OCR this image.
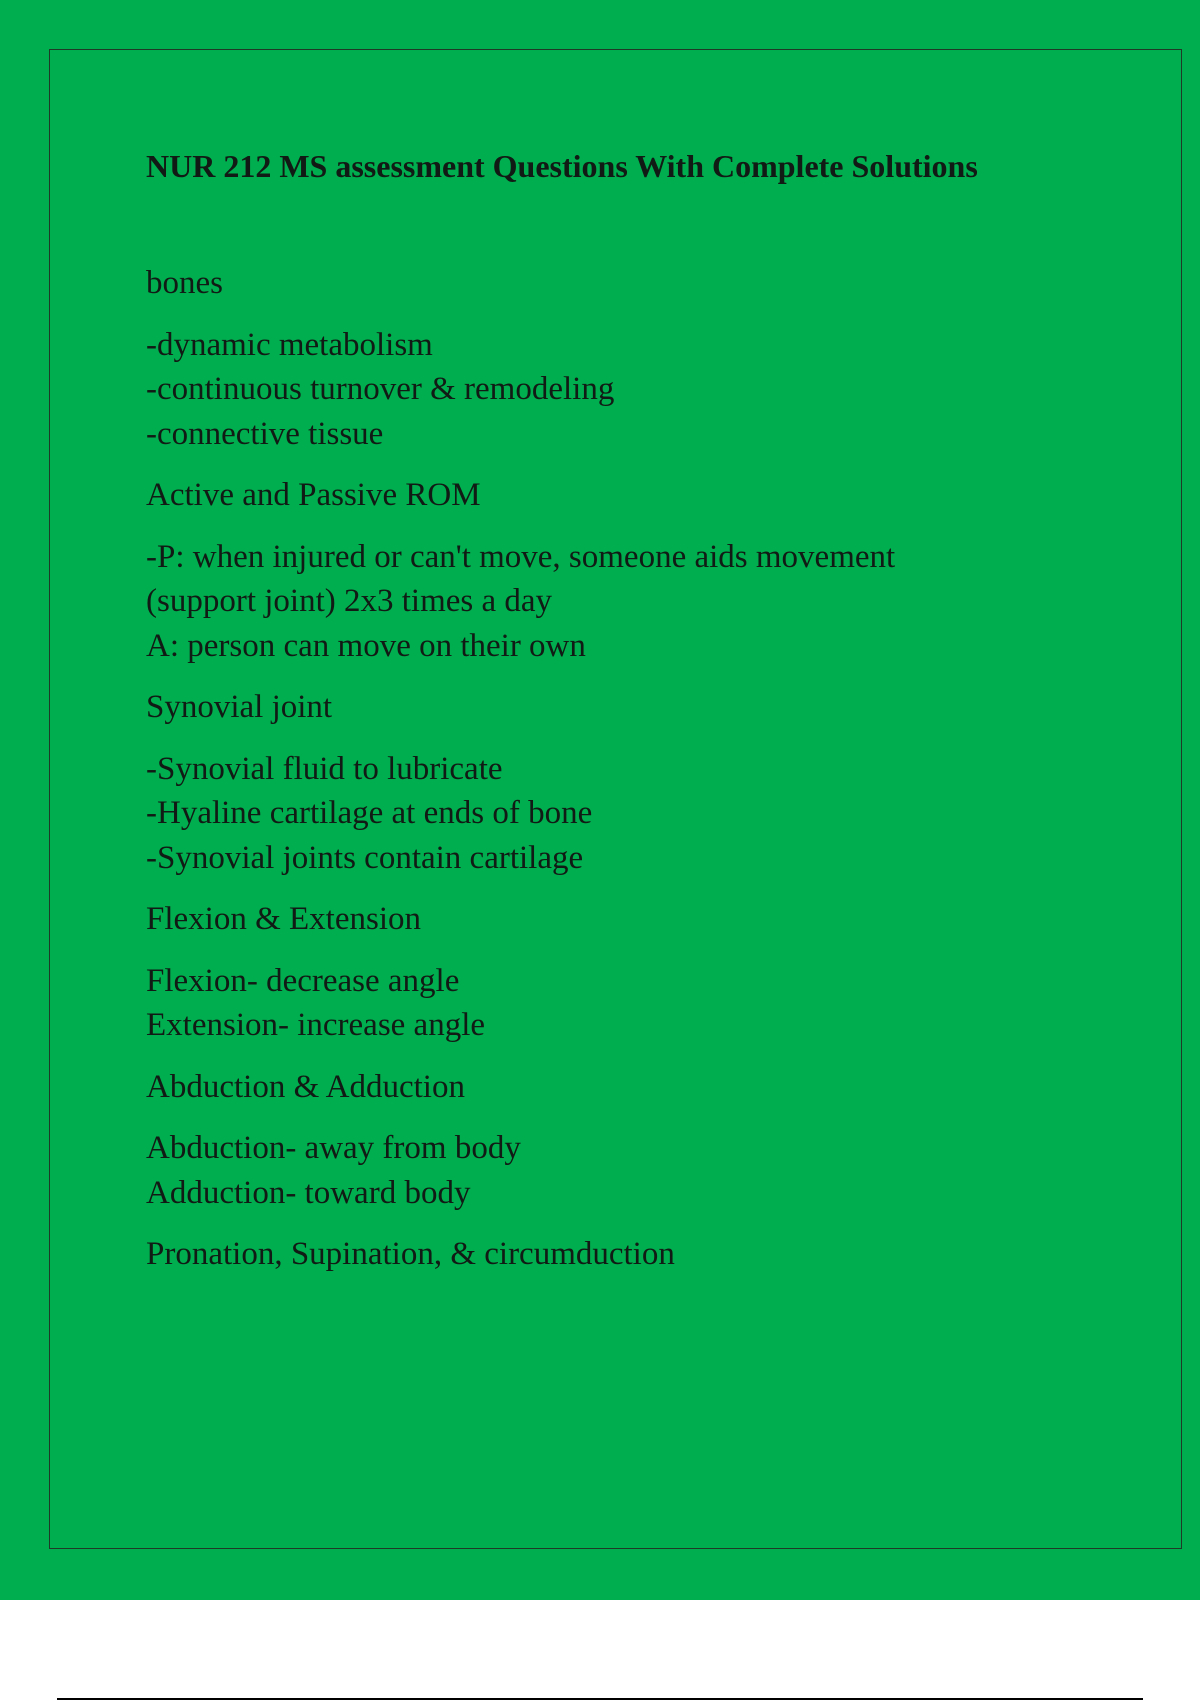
NUR 212 MS assessment Questions With Complete Solutions
bones
-dynamic metabolism
-continuous turnover & remodeling
-connective tissue
Active and Passive ROM
-P: when injured or can't move, someone aids movement
(support joint) 2x3 times a day
A: person can move on their own
Synovial joint
-Synovial fluid to lubricate
-Hyaline cartilage at ends of bone
-Synovial joints contain cartilage
Flexion & Extension
Flexion- decrease angle
Extension- increase angle
Abduction & Adduction
Abduction- away from body
Adduction- toward body
Pronation, Supination, & circumduction
